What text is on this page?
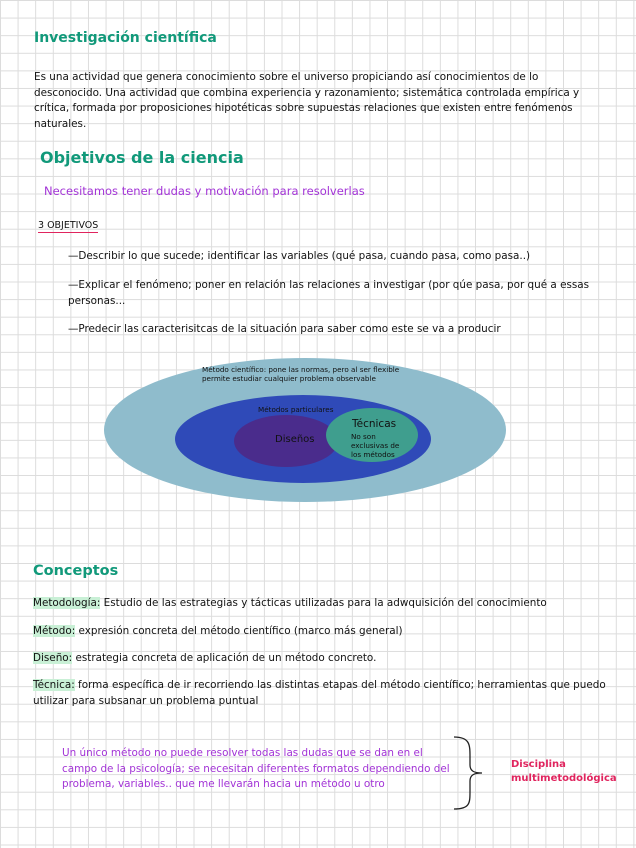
Investigación científica
Es una actividad que genera conocimiento sobre el universo propiciando así conocimientos de lo desconocido. Una actividad que combina experiencia y razonamiento; sistemática controlada empírica y crítica, formada por proposiciones hipotéticas sobre supuestas relaciones que existen entre fenómenos naturales.
Objetivos de la ciencia
Necesitamos tener dudas y motivación para resolverlas
3 OBJETIVOS
—Describir lo que sucede; identificar las variables (qué pasa, cuando pasa, como pasa..)
—Explicar el fenómeno; poner en relación las relaciones a investigar (por qúe pasa, por qué a essas personas...
—Predecir las caracterisitcas de la situación para saber como este se va a producir
Método científico: pone las normas, pero al ser flexible permite estudiar cualquier problema observable
Métodos particulares
Diseños
Técnicas
No son exclusivas de los métodos
Conceptos
Metodología: Estudio de las estrategias y tácticas utilizadas para la adwquisición del conocimiento
Método: expresión concreta del método científico (marco más general)
Diseño: estrategia concreta de aplicación de un método concreto.
Técnica: forma específica de ir recorriendo las distintas etapas del método científico; herramientas que puedo utilizar para subsanar un problema puntual
Un único método no puede resolver todas las dudas que se dan en el campo de la psicología; se necesitan diferentes formatos dependiendo del problema, variables.. que me llevarán hacia un método u otro
Disciplina multimetodológica
